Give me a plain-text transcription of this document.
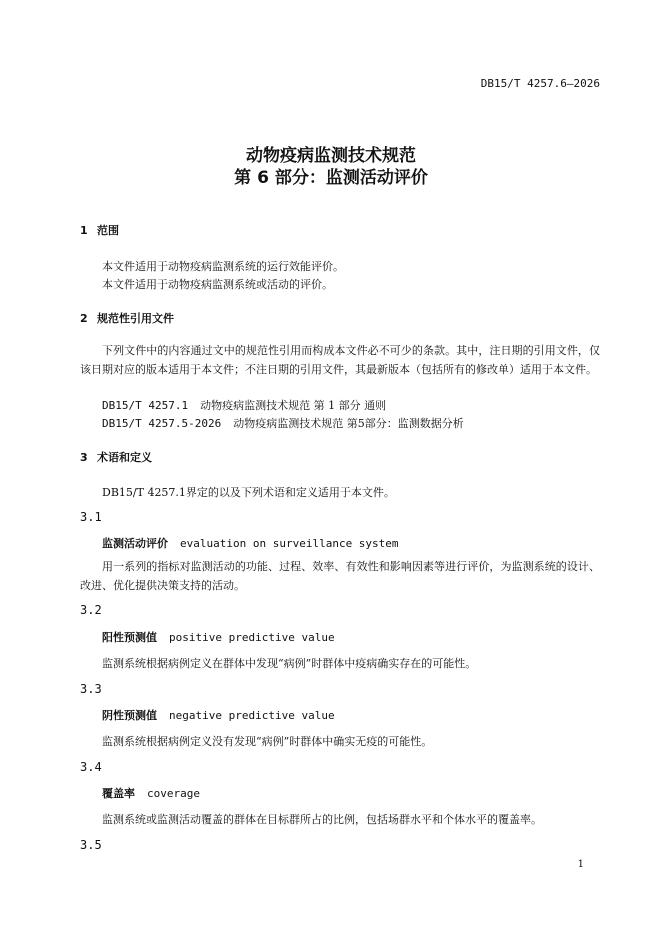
DB15/T 4257.6—2026
动物疫病监测技术规范
第 6 部分：监测活动评价
1 范围
本文件适用于动物疫病监测系统的运行效能评价。
本文件适用于动物疫病监测系统或活动的评价。
2 规范性引用文件
下列文件中的内容通过文中的规范性引用而构成本文件必不可少的条款。其中，注日期的引用文件，仅该日期对应的版本适用于本文件；不注日期的引用文件，其最新版本（包括所有的修改单）适用于本文件。
DB15/T 4257.1 动物疫病监测技术规范 第 1 部分 通则
DB15/T 4257.5-2026 动物疫病监测技术规范 第5部分：监测数据分析
3 术语和定义
DB15/T 4257.1界定的以及下列术语和定义适用于本文件。
3.1
监测活动评价 evaluation on surveillance system
用一系列的指标对监测活动的功能、过程、效率、有效性和影响因素等进行评价，为监测系统的设计、改进、优化提供决策支持的活动。
3.2
阳性预测值 positive predictive value
监测系统根据病例定义在群体中发现“病例”时群体中疫病确实存在的可能性。
3.3
阴性预测值 negative predictive value
监测系统根据病例定义没有发现“病例”时群体中确实无疫的可能性。
3.4
覆盖率 coverage
监测系统或监测活动覆盖的群体在目标群所占的比例，包括场群水平和个体水平的覆盖率。
3.5
1
